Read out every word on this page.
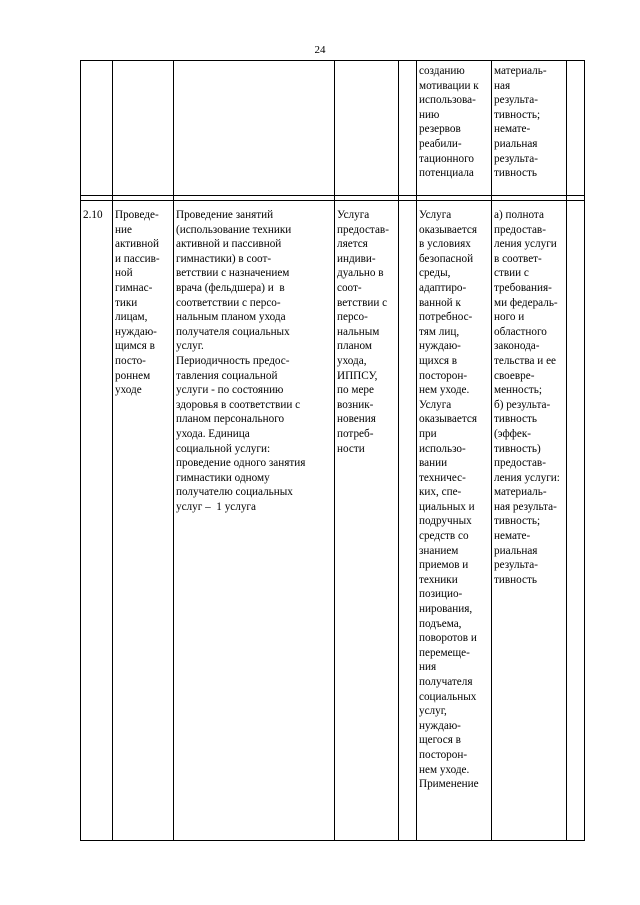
24
созданию
мотивации к
использова-
нию
резервов
реабили-
тационного
потенциала
материаль-
ная
результа-
тивность;
немате-
риальная
результа-
тивность
2.10 Проведе-
ние
активной
и пассив-
ной
гимнас-
тики
лицам,
нуждаю-
щимся в
посто-
роннем
уходе
Проведение занятий
(использование техники
активной и пассивной
гимнастики) в соот-
ветствии с назначением
врача (фельдшера) и  в
соответствии с персо-
нальным планом ухода
получателя социальных
услуг.
Периодичность предос-
тавления социальной
услуги - по состоянию
здоровья в соответствии с
планом персонального
ухода. Единица
социальной услуги:
проведение одного занятия
гимнастики одному
получателю социальных
услуг –  1 услуга
Услуга
предостав-
ляется
индиви-
дуально в
соот-
ветствии с
персо-
нальным
планом
ухода,
ИППСУ,
по мере
возник-
новения
потреб-
ности
Услуга
оказывается
в условиях
безопасной
среды,
адаптиро-
ванной к
потребнос-
тям лиц,
нуждаю-
щихся в
посторон-
нем уходе.
Услуга
оказывается
при
использо-
вании
техничес-
ких, спе-
циальных и
подручных
средств со
знанием
приемов и
техники
позицио-
нирования,
подъема,
поворотов и
перемеще-
ния
получателя
социальных
услуг,
нуждаю-
щегося в
посторон-
нем уходе.
Применение
а) полнота
предостав-
ления услуги
в соответ-
ствии с
требования-
ми федераль-
ного и
областного
законода-
тельства и ее
своевре-
менность;
б) результа-
тивность
(эффек-
тивность)
предостав-
ления услуги:
материаль-
ная результа-
тивность;
немате-
риальная
результа-
тивность
